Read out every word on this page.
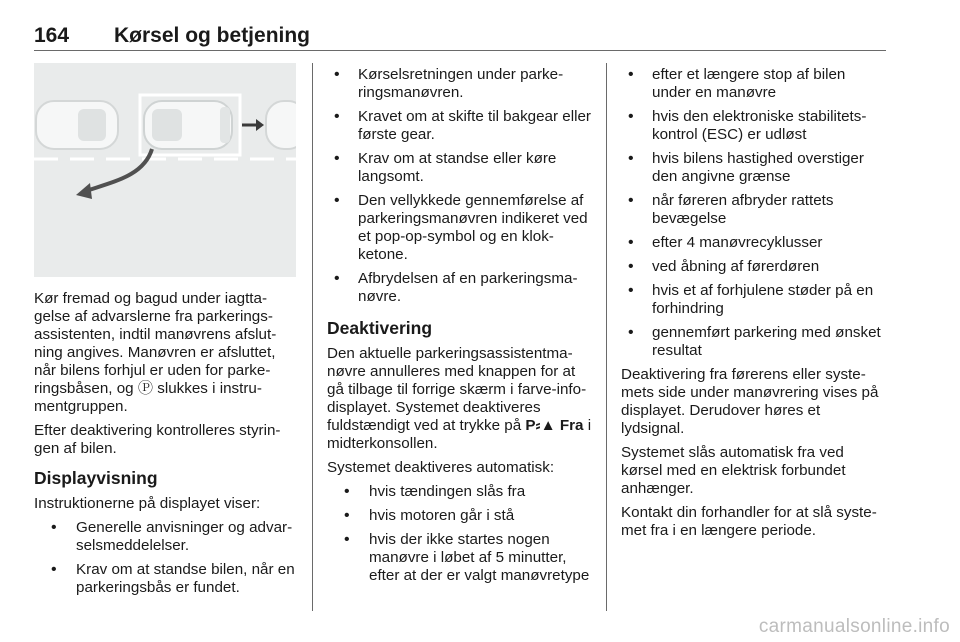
164 Kørsel og betjening

Kør fremad og bagud under iagttagelse af advarslerne fra parkeringsassistenten, indtil manøvrens afslutning angives. Manøvren er afsluttet, når bilens forhjul er uden for parkeringsbåsen, og Ⓟ slukkes i instrumentgruppen.

Efter deaktivering kontrolleres styringen af bilen.

Displayvisning

Instruktionerne på displayet viser:

• Generelle anvisninger og advarselsmeddelelser.
• Krav om at standse bilen, når en parkeringsbås er fundet.
• Kørselsretningen under parkeringsmanøvren.
• Kravet om at skifte til bakgear eller første gear.
• Krav om at standse eller køre langsomt.
• Den vellykkede gennemførelse af parkeringsmanøvren indikeret ved et pop-op-symbol og en klokketone.
• Afbrydelsen af en parkeringsmanøvre.
Deaktivering

Den aktuelle parkeringsassistentmanøvre annulleres med knappen for at gå tilbage til forrige skærm i farve-info-displayet. Systemet deaktiveres fuldstændigt ved at trykke på P⸗▲ Fra i midterkonsollen.

Systemet deaktiveres automatisk:

• hvis tændingen slås fra
• hvis motoren går i stå
• hvis der ikke startes nogen manøvre i løbet af 5 minutter, efter at der er valgt manøvretype
• efter et længere stop af bilen under en manøvre
• hvis den elektroniske stabilitetskontrol (ESC) er udløst
• hvis bilens hastighed overstiger den angivne grænse
• når føreren afbryder rattets bevægelse
• efter 4 manøvrecyklusser
• ved åbning af førerdøren
• hvis et af forhjulene støder på en forhindring
• gennemført parkering med ønsket resultat

Deaktivering fra førerens eller systemets side under manøvrering vises på displayet. Derudover høres et lydsignal.

Systemet slås automatisk fra ved kørsel med en elektrisk forbundet anhænger.

Kontakt din forhandler for at slå systemet fra i en længere periode.

carmanualsonline.info
